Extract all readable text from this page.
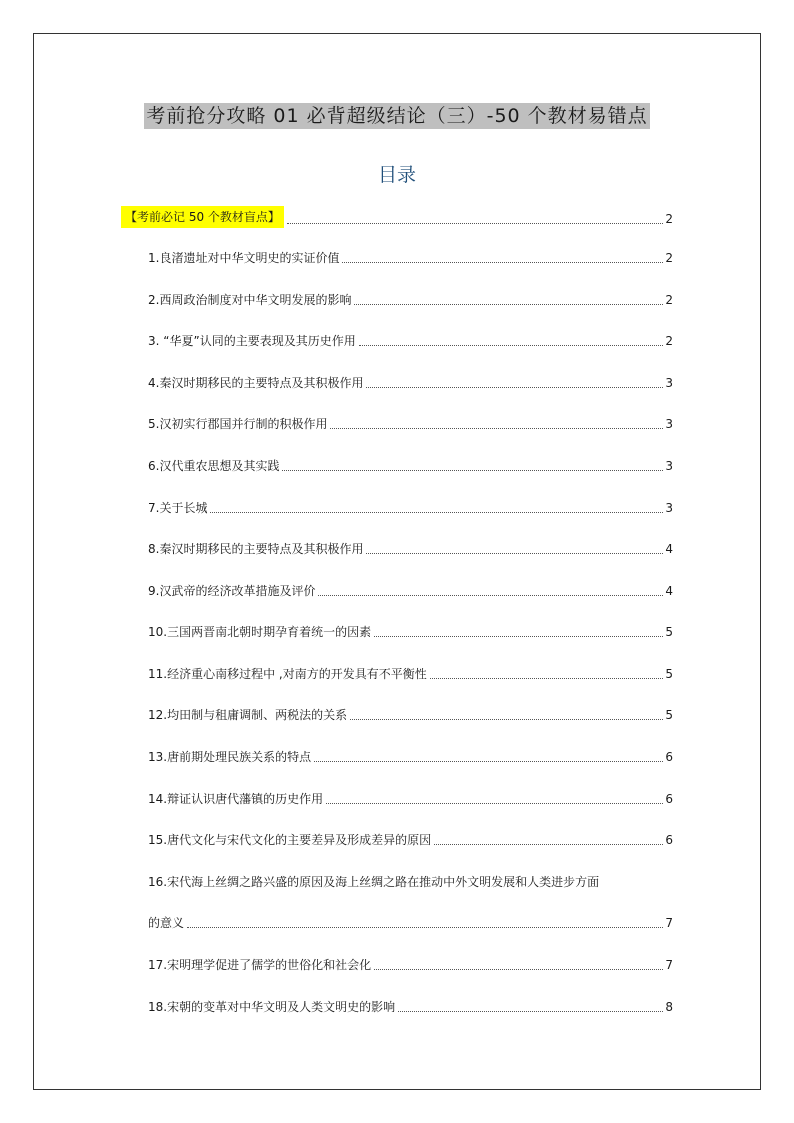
考前抢分攻略 01 必背超级结论（三）-50 个教材易错点
目录
【考前必记 50 个教材盲点】	2
1.良渚遗址对中华文明史的实证价值	2
2.西周政治制度对中华文明发展的影响	2
3. “华夏”认同的主要表现及其历史作用	2
4.秦汉时期移民的主要特点及其积极作用	3
5.汉初实行郡国并行制的积极作用	3
6.汉代重农思想及其实践	3
7.关于长城	3
8.秦汉时期移民的主要特点及其积极作用	4
9.汉武帝的经济改革措施及评价	4
10.三国两晋南北朝时期孕育着统一的因素	5
11.经济重心南移过程中 ,对南方的开发具有不平衡性	5
12.均田制与租庸调制、两税法的关系	5
13.唐前期处理民族关系的特点	6
14.辩证认识唐代藩镇的历史作用	6
15.唐代文化与宋代文化的主要差异及形成差异的原因	6
16.宋代海上丝绸之路兴盛的原因及海上丝绸之路在推动中外文明发展和人类进步方面
的意义	7
17.宋明理学促进了儒学的世俗化和社会化	7
18.宋朝的变革对中华文明及人类文明史的影响	8
